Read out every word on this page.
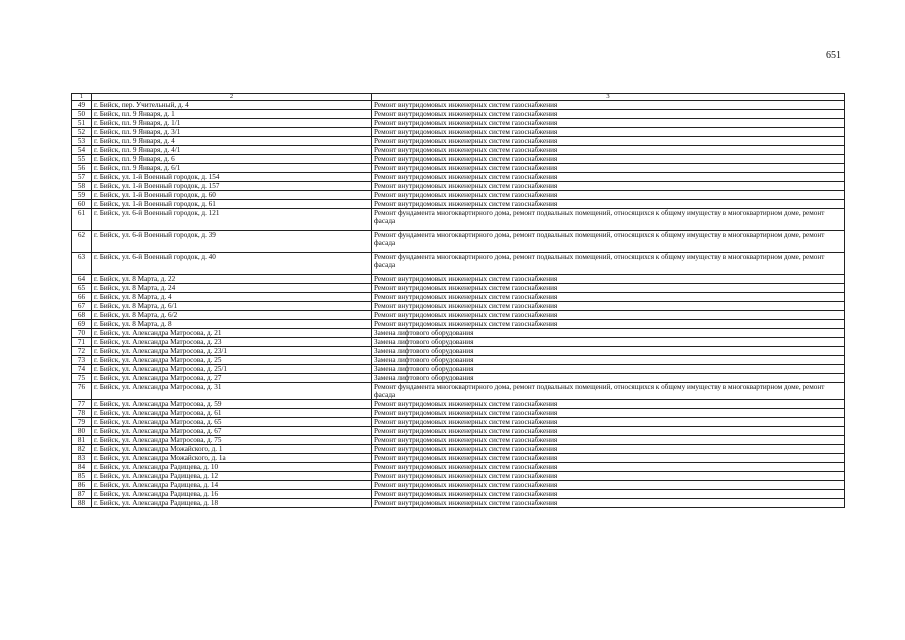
651
1	2	3
49	г. Бийск, пер. Учительный, д. 4	Ремонт внутридомовых инженерных систем газоснабжения
50	г. Бийск, пл. 9 Января, д. 1	Ремонт внутридомовых инженерных систем газоснабжения
51	г. Бийск, пл. 9 Января, д. 1/1	Ремонт внутридомовых инженерных систем газоснабжения
52	г. Бийск, пл. 9 Января, д. 3/1	Ремонт внутридомовых инженерных систем газоснабжения
53	г. Бийск, пл. 9 Января, д. 4	Ремонт внутридомовых инженерных систем газоснабжения
54	г. Бийск, пл. 9 Января, д. 4/1	Ремонт внутридомовых инженерных систем газоснабжения
55	г. Бийск, пл. 9 Января, д. 6	Ремонт внутридомовых инженерных систем газоснабжения
56	г. Бийск, пл. 9 Января, д. 6/1	Ремонт внутридомовых инженерных систем газоснабжения
57	г. Бийск, ул. 1-й Военный городок, д. 154	Ремонт внутридомовых инженерных систем газоснабжения
58	г. Бийск, ул. 1-й Военный городок, д. 157	Ремонт внутридомовых инженерных систем газоснабжения
59	г. Бийск, ул. 1-й Военный городок, д. 60	Ремонт внутридомовых инженерных систем газоснабжения
60	г. Бийск, ул. 1-й Военный городок, д. 61	Ремонт внутридомовых инженерных систем газоснабжения
61	г. Бийск, ул. 6-й Военный городок, д. 121	Ремонт фундамента многоквартирного дома, ремонт подвальных помещений, относящихся к общему имуществу в многоквартирном доме, ремонт фасада
62	г. Бийск, ул. 6-й Военный городок, д. 39	Ремонт фундамента многоквартирного дома, ремонт подвальных помещений, относящихся к общему имуществу в многоквартирном доме, ремонт фасада
63	г. Бийск, ул. 6-й Военный городок, д. 40	Ремонт фундамента многоквартирного дома, ремонт подвальных помещений, относящихся к общему имуществу в многоквартирном доме, ремонт фасада
64	г. Бийск, ул. 8 Марта, д. 22	Ремонт внутридомовых инженерных систем газоснабжения
65	г. Бийск, ул. 8 Марта, д. 24	Ремонт внутридомовых инженерных систем газоснабжения
66	г. Бийск, ул. 8 Марта, д. 4	Ремонт внутридомовых инженерных систем газоснабжения
67	г. Бийск, ул. 8 Марта, д. 6/1	Ремонт внутридомовых инженерных систем газоснабжения
68	г. Бийск, ул. 8 Марта, д. 6/2	Ремонт внутридомовых инженерных систем газоснабжения
69	г. Бийск, ул. 8 Марта, д. 8	Ремонт внутридомовых инженерных систем газоснабжения
70	г. Бийск, ул. Александра Матросова, д. 21	Замена лифтового оборудования
71	г. Бийск, ул. Александра Матросова, д. 23	Замена лифтового оборудования
72	г. Бийск, ул. Александра Матросова, д. 23/1	Замена лифтового оборудования
73	г. Бийск, ул. Александра Матросова, д. 25	Замена лифтового оборудования
74	г. Бийск, ул. Александра Матросова, д. 25/1	Замена лифтового оборудования
75	г. Бийск, ул. Александра Матросова, д. 27	Замена лифтового оборудования
76	г. Бийск, ул. Александра Матросова, д. 31	Ремонт фундамента многоквартирного дома, ремонт подвальных помещений, относящихся к общему имуществу в многоквартирном доме, ремонт фасада
77	г. Бийск, ул. Александра Матросова, д. 59	Ремонт внутридомовых инженерных систем газоснабжения
78	г. Бийск, ул. Александра Матросова, д. 61	Ремонт внутридомовых инженерных систем газоснабжения
79	г. Бийск, ул. Александра Матросова, д. 65	Ремонт внутридомовых инженерных систем газоснабжения
80	г. Бийск, ул. Александра Матросова, д. 67	Ремонт внутридомовых инженерных систем газоснабжения
81	г. Бийск, ул. Александра Матросова, д. 75	Ремонт внутридомовых инженерных систем газоснабжения
82	г. Бийск, ул. Александра Можайского, д. 1	Ремонт внутридомовых инженерных систем газоснабжения
83	г. Бийск, ул. Александра Можайского, д. 1а	Ремонт внутридомовых инженерных систем газоснабжения
84	г. Бийск, ул. Александра Радищева, д. 10	Ремонт внутридомовых инженерных систем газоснабжения
85	г. Бийск, ул. Александра Радищева, д. 12	Ремонт внутридомовых инженерных систем газоснабжения
86	г. Бийск, ул. Александра Радищева, д. 14	Ремонт внутридомовых инженерных систем газоснабжения
87	г. Бийск, ул. Александра Радищева, д. 16	Ремонт внутридомовых инженерных систем газоснабжения
88	г. Бийск, ул. Александра Радищева, д. 18	Ремонт внутридомовых инженерных систем газоснабжения
